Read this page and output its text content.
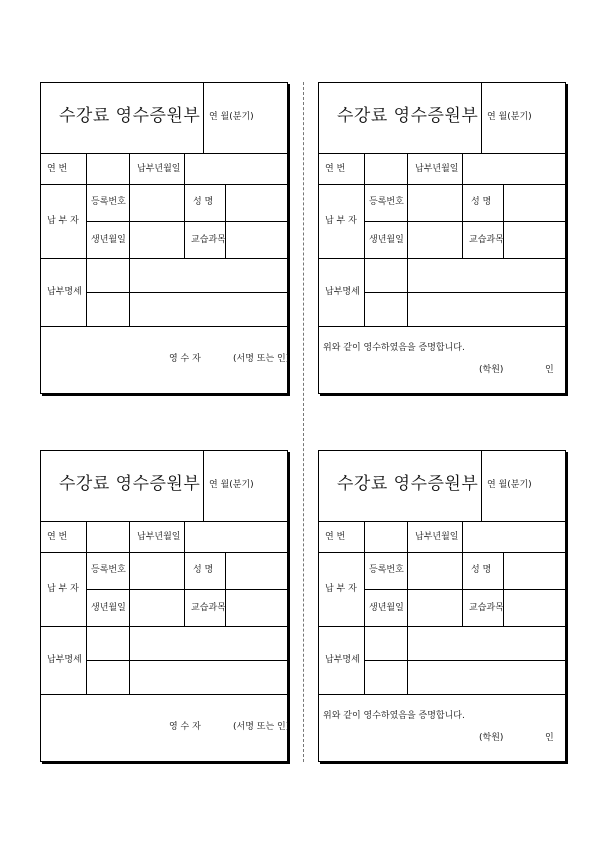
수강료 영수증원부 연 월(분기)
연 번	납부년월일
납 부 자
등록번호	성 명
생년월일	교습과목
납부명세
영 수 자	(서명 또는 인)
수강료 영수증원부 연 월(분기)
연 번	납부년월일
납 부 자
등록번호	성 명
생년월일	교습과목
납부명세
위와 같이 영수하였음을 증명합니다.
(학원)	인
수강료 영수증원부 연 월(분기)
연 번	납부년월일
납 부 자
등록번호	성 명
생년월일	교습과목
납부명세
영 수 자	(서명 또는 인)
수강료 영수증원부 연 월(분기)
연 번	납부년월일
납 부 자
등록번호	성 명
생년월일	교습과목
납부명세
위와 같이 영수하였음을 증명합니다.
(학원)	인
